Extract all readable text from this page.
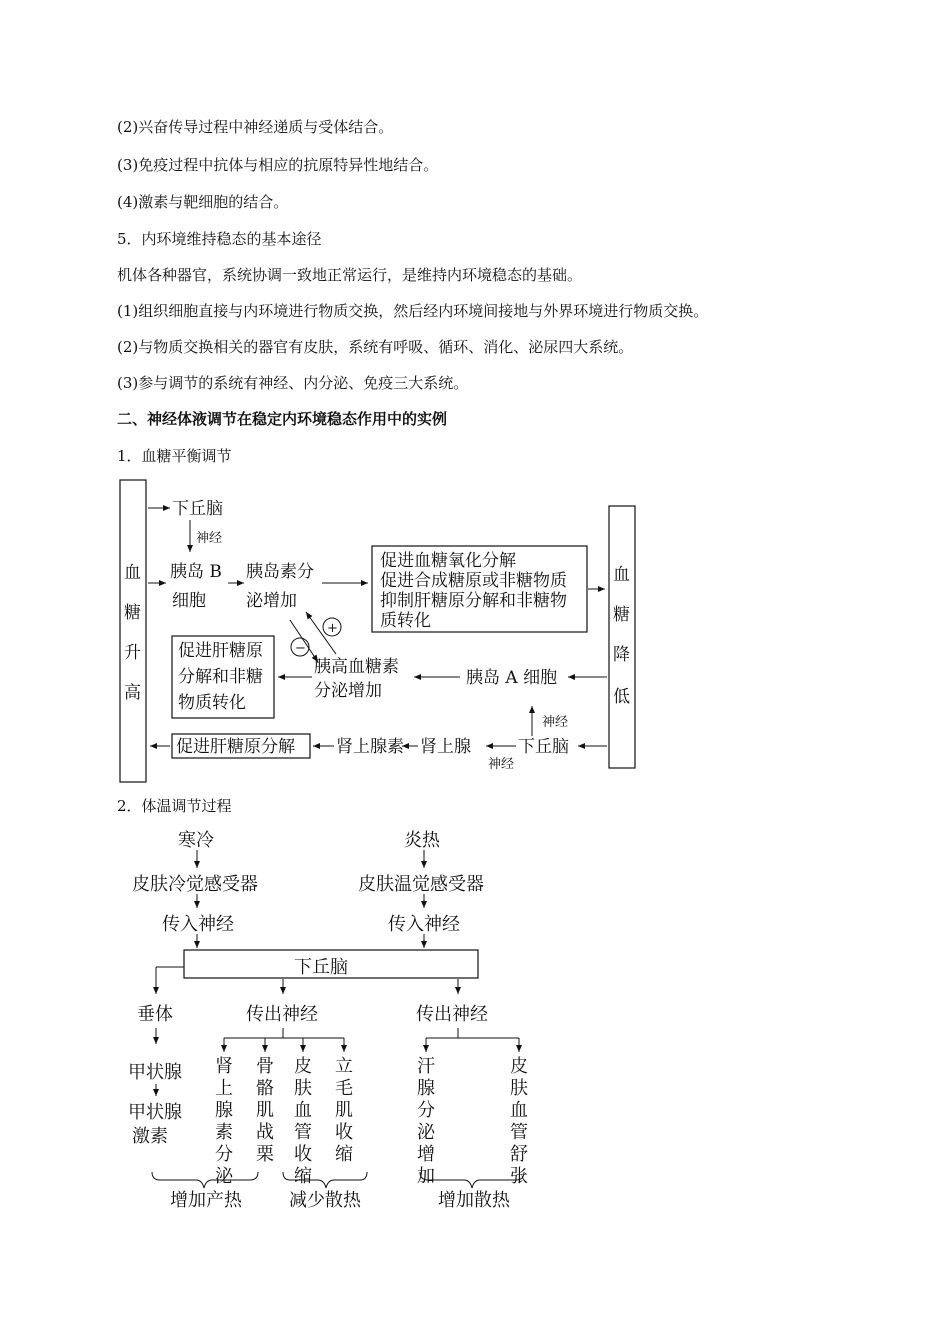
(2)兴奋传导过程中神经递质与受体结合。
(3)免疫过程中抗体与相应的抗原特异性地结合。
(4)激素与靶细胞的结合。
5．内环境维持稳态的基本途径
机体各种器官，系统协调一致地正常运行，是维持内环境稳态的基础。
(1)组织细胞直接与内环境进行物质交换，然后经内环境间接地与外界环境进行物质交换。
(2)与物质交换相关的器官有皮肤，系统有呼吸、循环、消化、泌尿四大系统。
(3)参与调节的系统有神经、内分泌、免疫三大系统。
二、神经体液调节在稳定内环境稳态作用中的实例
1．血糖平衡调节
2．体温调节过程
血
糖
升
高
血
糖
降
低
下丘脑
胰岛 B
细胞
胰岛素分
泌增加
促进血糖氧化分解
促进合成糖原或非糖物质
抑制肝糖原分解和非糖物
质转化
促进肝糖原
分解和非糖
物质转化
胰高血糖素
分泌增加
胰岛 A 细胞
促进肝糖原分解 肾上腺素 肾上腺	下丘脑
神经
神经
神经
−
+
寒冷	炎热
皮肤冷觉感受器	皮肤温觉感受器
传入神经	传入神经
下丘脑
垂体	传出神经	传出神经
甲状腺
甲状腺
激素
肾
上
腺
素
分
泌
骨
骼
肌
战
栗
皮
肤
血
管
收
缩
立
毛
肌
收
缩
汗
腺
分
泌
增
加
皮
肤
血
管
舒
张
增加产热	减少散热	增加散热
